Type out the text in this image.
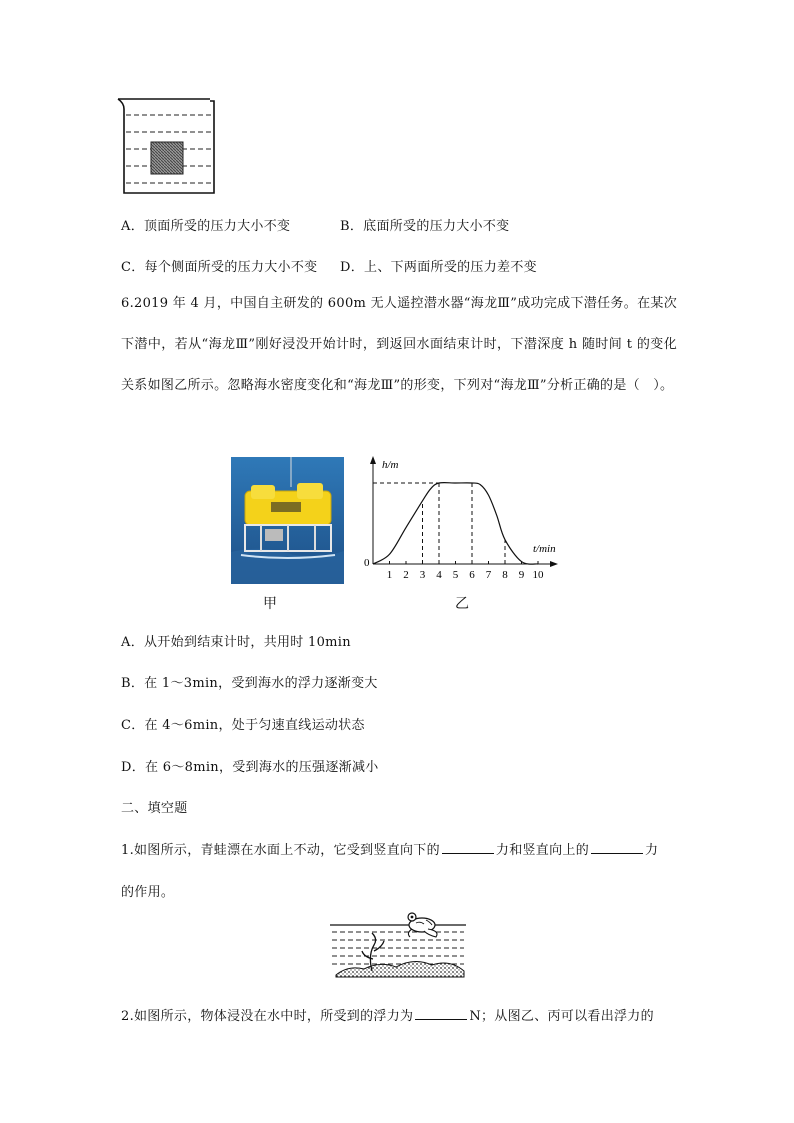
A．顶面所受的压力大小不变	B．底面所受的压力大小不变
C．每个侧面所受的压力大小不变 D．上、下两面所受的压力差不变
6.2019 年 4 月，中国自主研发的 600m 无人遥控潜水器“海龙Ⅲ”成功完成下潜任务。在某次下潜中，若从“海龙Ⅲ”刚好浸没开始计时，到返回水面结束计时，下潜深度 h 随时间 t 的变化关系如图乙所示。忽略海水密度变化和“海龙Ⅲ”的形变，下列对“海龙Ⅲ”分析正确的是（　）。
甲
h/m
t/min
0
1 2 3 4 5 6 7 8 9 10
乙
A．从开始到结束计时，共用时 10min
B．在 1～3min，受到海水的浮力逐渐变大
C．在 4～6min，处于匀速直线运动状态
D．在 6～8min，受到海水的压强逐渐减小
二、填空题
1.如图所示，青蛙漂在水面上不动，它受到竖直向下的	力和竖直向上的	力
的作用。
2.如图所示，物体浸没在水中时，所受到的浮力为	N；从图乙、丙可以看出浮力的
